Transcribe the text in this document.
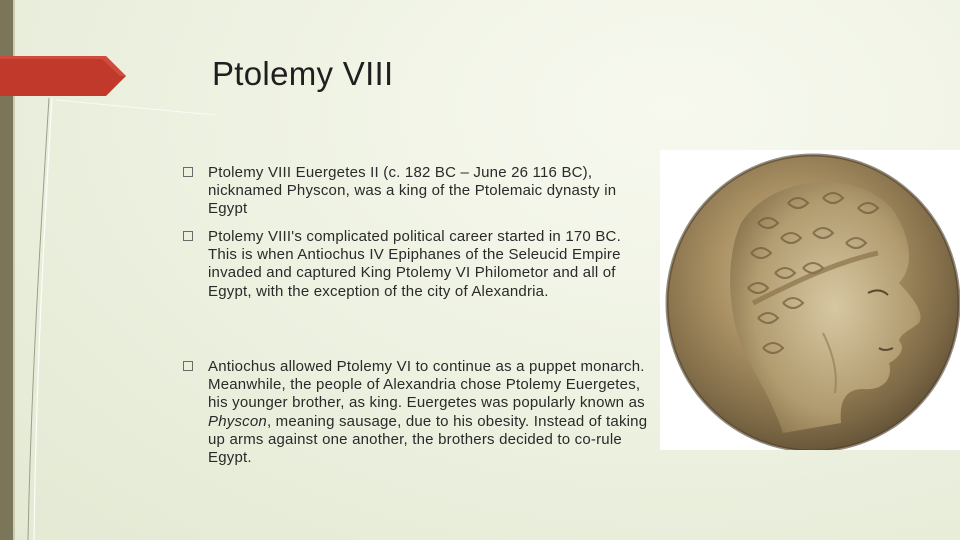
Ptolemy VIII
Ptolemy VIII Euergetes II (c. 182 BC – June 26 116 BC), nicknamed Physcon, was a king of the Ptolemaic dynasty in Egypt
Ptolemy VIII's complicated political career started in 170 BC. This is when Antiochus IV Epiphanes of the Seleucid Empire invaded and captured King Ptolemy VI Philometor and all of Egypt, with the exception of the city of Alexandria.
Antiochus allowed Ptolemy VI to continue as a puppet monarch. Meanwhile, the people of Alexandria chose Ptolemy Euergetes, his younger brother, as king. Euergetes was popularly known as Physcon, meaning sausage, due to his obesity. Instead of taking up arms against one another, the brothers decided to co-rule Egypt.
